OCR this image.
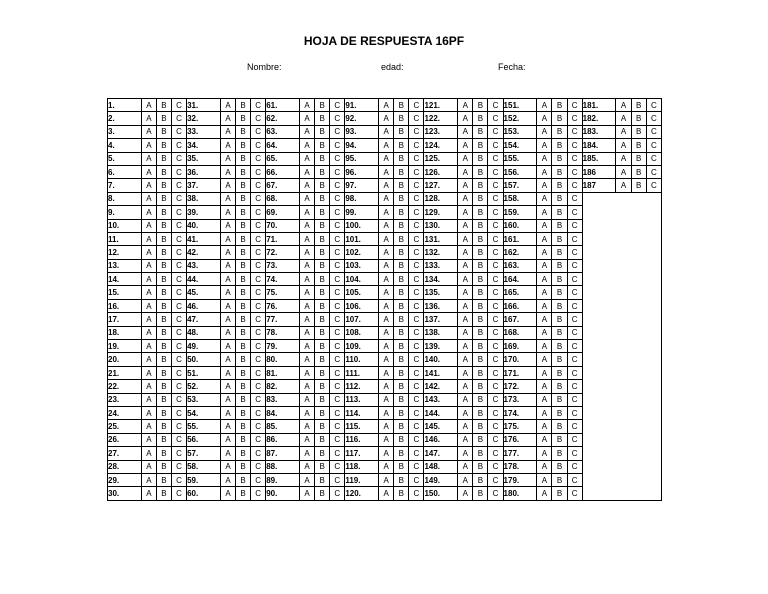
HOJA DE RESPUESTA 16PF
Nombre:	edad:	Fecha:
1.	A	B	C	31.	A	B	C	61.	A	B	C	91.	A	B	C	121.	A	B	C	151.	A	B	C	181.	A	B	C
2.	A	B	C	32.	A	B	C	62.	A	B	C	92.	A	B	C	122.	A	B	C	152.	A	B	C	182.	A	B	C
3.	A	B	C	33.	A	B	C	63.	A	B	C	93.	A	B	C	123.	A	B	C	153.	A	B	C	183.	A	B	C
4.	A	B	C	34.	A	B	C	64.	A	B	C	94.	A	B	C	124.	A	B	C	154.	A	B	C	184.	A	B	C
5.	A	B	C	35.	A	B	C	65.	A	B	C	95.	A	B	C	125.	A	B	C	155.	A	B	C	185.	A	B	C
6.	A	B	C	36.	A	B	C	66.	A	B	C	96.	A	B	C	126.	A	B	C	156.	A	B	C	186	A	B	C
7.	A	B	C	37.	A	B	C	67.	A	B	C	97.	A	B	C	127.	A	B	C	157.	A	B	C	187	A	B	C
8.	A	B	C	38.	A	B	C	68.	A	B	C	98.	A	B	C	128.	A	B	C	158.	A	B	C				
9.	A	B	C	39.	A	B	C	69.	A	B	C	99.	A	B	C	129.	A	B	C	159.	A	B	C				
10.	A	B	C	40.	A	B	C	70.	A	B	C	100.	A	B	C	130.	A	B	C	160.	A	B	C				
11.	A	B	C	41.	A	B	C	71.	A	B	C	101.	A	B	C	131.	A	B	C	161.	A	B	C				
12.	A	B	C	42.	A	B	C	72.	A	B	C	102.	A	B	C	132.	A	B	C	162.	A	B	C				
13.	A	B	C	43.	A	B	C	73.	A	B	C	103.	A	B	C	133.	A	B	C	163.	A	B	C				
14.	A	B	C	44.	A	B	C	74.	A	B	C	104.	A	B	C	134.	A	B	C	164.	A	B	C				
15.	A	B	C	45.	A	B	C	75.	A	B	C	105.	A	B	C	135.	A	B	C	165.	A	B	C				
16.	A	B	C	46.	A	B	C	76.	A	B	C	106.	A	B	C	136.	A	B	C	166.	A	B	C				
17.	A	B	C	47.	A	B	C	77.	A	B	C	107.	A	B	C	137.	A	B	C	167.	A	B	C				
18.	A	B	C	48.	A	B	C	78.	A	B	C	108.	A	B	C	138.	A	B	C	168.	A	B	C				
19.	A	B	C	49.	A	B	C	79.	A	B	C	109.	A	B	C	139.	A	B	C	169.	A	B	C				
20.	A	B	C	50.	A	B	C	80.	A	B	C	110.	A	B	C	140.	A	B	C	170.	A	B	C				
21.	A	B	C	51.	A	B	C	81.	A	B	C	111.	A	B	C	141.	A	B	C	171.	A	B	C				
22.	A	B	C	52.	A	B	C	82.	A	B	C	112.	A	B	C	142.	A	B	C	172.	A	B	C				
23.	A	B	C	53.	A	B	C	83.	A	B	C	113.	A	B	C	143.	A	B	C	173.	A	B	C				
24.	A	B	C	54.	A	B	C	84.	A	B	C	114.	A	B	C	144.	A	B	C	174.	A	B	C				
25.	A	B	C	55.	A	B	C	85.	A	B	C	115.	A	B	C	145.	A	B	C	175.	A	B	C				
26.	A	B	C	56.	A	B	C	86.	A	B	C	116.	A	B	C	146.	A	B	C	176.	A	B	C				
27.	A	B	C	57.	A	B	C	87.	A	B	C	117.	A	B	C	147.	A	B	C	177.	A	B	C				
28.	A	B	C	58.	A	B	C	88.	A	B	C	118.	A	B	C	148.	A	B	C	178.	A	B	C				
29.	A	B	C	59.	A	B	C	89.	A	B	C	119.	A	B	C	149.	A	B	C	179.	A	B	C				
30.	A	B	C	60.	A	B	C	90.	A	B	C	120.	A	B	C	150.	A	B	C	180.	A	B	C				
